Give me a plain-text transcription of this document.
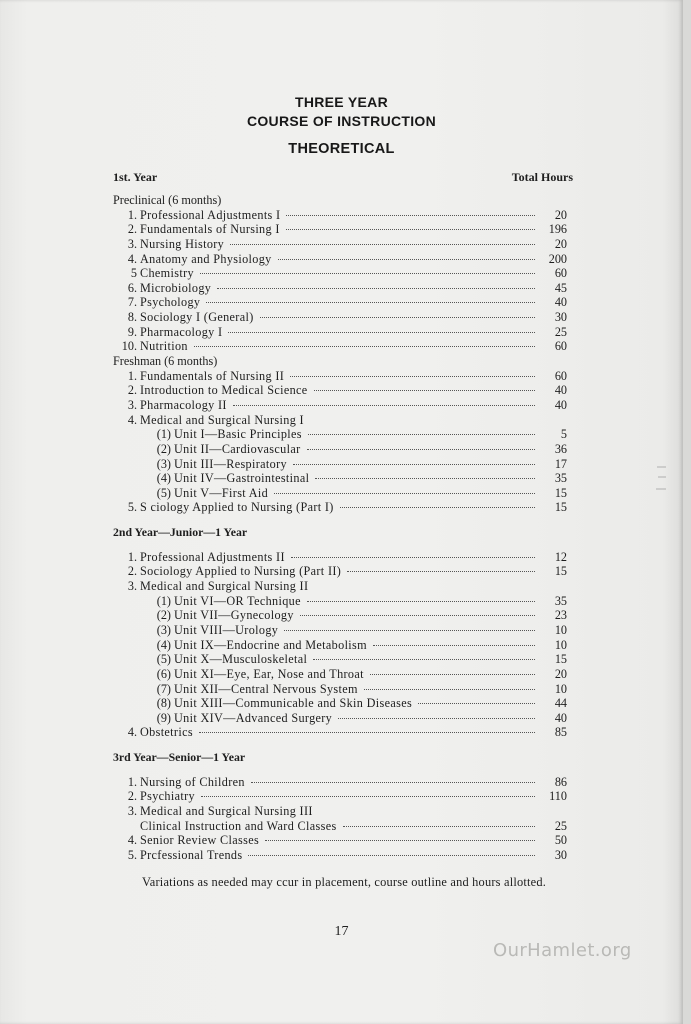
THREE YEAR
COURSE OF INSTRUCTION
THEORETICAL
1st. Year	Total Hours
Preclinical (6 months)
1. Professional Adjustments I	20
2. Fundamentals of Nursing I	196
3. Nursing History	20
4. Anatomy and Physiology	200
5 Chemistry	60
6. Microbiology	45
7. Psychology	40
8. Sociology I (General)	30
9. Pharmacology I	25
10. Nutrition	60
Freshman (6 months)
1. Fundamentals of Nursing II	60
2. Introduction to Medical Science	40
3. Pharmacology II	40
4. Medical and Surgical Nursing I
(1) Unit I—Basic Principles	5
(2) Unit II—Cardiovascular	36
(3) Unit III—Respiratory	17
(4) Unit IV—Gastrointestinal	35
(5) Unit V—First Aid	15
5. S ciology Applied to Nursing (Part I)	15
2nd Year—Junior—1 Year
1. Professional Adjustments II	12
2. Sociology Applied to Nursing (Part II)	15
3. Medical and Surgical Nursing II
(1) Unit VI—OR Technique	35
(2) Unit VII—Gynecology	23
(3) Unit VIII—Urology	10
(4) Unit IX—Endocrine and Metabolism	10
(5) Unit X—Musculoskeletal	15
(6) Unit XI—Eye, Ear, Nose and Throat	20
(7) Unit XII—Central Nervous System	10
(8) Unit XIII—Communicable and Skin Diseases	44
(9) Unit XIV—Advanced Surgery	40
4. Obstetrics	85
3rd Year—Senior—1 Year
1. Nursing of Children	86
2. Psychiatry	110
3. Medical and Surgical Nursing III
Clinical Instruction and Ward Classes	25
4. Senior Review Classes	50
5. Prcfessional Trends	30
Variations as needed may ccur in placement, course outline and hours allotted.
17
OurHamlet.org
